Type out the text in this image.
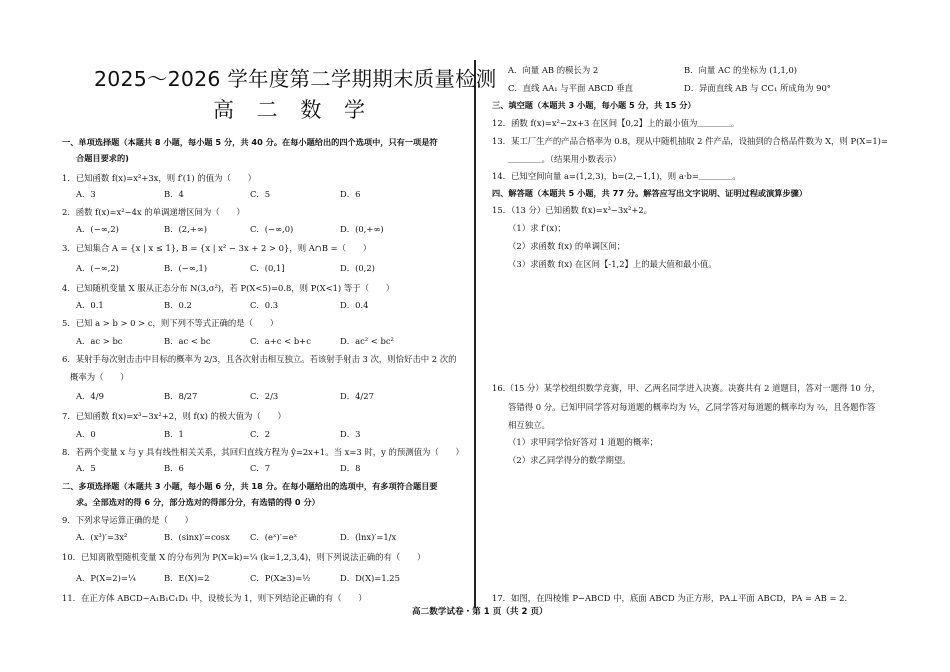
2025～2026 学年度第二学期期末质量检测
高 二 数 学
一、单项选择题（本题共 8 小题，每小题 5 分，共 40 分。在每小题给出的四个选项中，只有一项是符
合题目要求的)
1．已知函数 f(x)=x²+3x，则 f′(1) 的值为（　　）
A．3	B．4	C．5	D．6
2．函数 f(x)=x²−4x 的单调递增区间为（　　）
A．(−∞,2)	B．(2,+∞)	C．(−∞,0)	D．(0,+∞)
3．已知集合 A = {x | x ≤ 1}, B = {x | x² − 3x + 2 > 0}，则 A∩B =（　　）
A．(−∞,2)	B．(−∞,1)	C．(0,1]	D．(0,2)
4．已知随机变量 X 服从正态分布 N(3,σ²)，若 P(X<5)=0.8，则 P(X<1) 等于（　　）
A．0.1	B．0.2	C．0.3	D．0.4
5．已知 a > b > 0 > c，则下列不等式正确的是（　　）
A．ac > bc	B．ac < bc	C．a+c < b+c	D．ac² < bc²
6．某射手每次射击击中目标的概率为 2/3，且各次射击相互独立。若该射手射击 3 次，则恰好击中 2 次的
概率为（　　）
A．4/9	B．8/27	C．2/3	D．4/27
7．已知函数 f(x)=x³−3x²+2，则 f(x) 的极大值为（　　）
A．0	B．1	C．2	D．3
8．若两个变量 x 与 y 具有线性相关关系，其回归直线方程为 ŷ=2x+1。当 x=3 时，y 的预测值为（　　）
A．5	B．6	C．7	D．8
二、多项选择题（本题共 3 小题，每小题 6 分，共 18 分。在每小题给出的选项中，有多项符合题目要
求。全部选对的得 6 分，部分选对的得部分分，有选错的得 0 分）
9．下列求导运算正确的是（　　）
A．(x³)′=3x²	B．(sinx)′=cosx C．(eˣ)′=eˣ	D．(lnx)′=1/x
10．已知离散型随机变量 X 的分布列为 P(X=k)=¼ (k=1,2,3,4)，则下列说法正确的有（　　）
A．P(X=2)=¼	B．E(X)=2	C．P(X≥3)=½	D．D(X)=1.25
11．在正方体 ABCD−A₁B₁C₁D₁ 中，设棱长为 1，则下列结论正确的有（　　）
A．向量 AB 的模长为 2	B．向量 AC 的坐标为 (1,1,0)
C．直线 AA₁ 与平面 ABCD 垂直	D．异面直线 AB 与 CC₁ 所成角为 90°
三、填空题（本题共 3 小题，每小题 5 分，共 15 分）
12．函数 f(x)=x²−2x+3 在区间【0,2】上的最小值为＿＿＿＿。
13．某工厂生产的产品合格率为 0.8，现从中随机抽取 2 件产品，设抽到的合格品件数为 X，则 P(X=1)=
＿＿＿＿。（结果用小数表示）
14．已知空间向量 a=(1,2,3)，b=(2,−1,1)，则 a·b=＿＿＿＿。
四、解答题（本题共 5 小题，共 77 分。解答应写出文字说明、证明过程或演算步骤）
15．（13 分）已知函数 f(x)=x³−3x²+2。
（1）求 f′(x)；
（2）求函数 f(x) 的单调区间；
（3）求函数 f(x) 在区间【-1,2】上的最大值和最小值。
16.（15 分）某学校组织数学竞赛，甲、乙两名同学进入决赛。决赛共有 2 道题目，答对一题得 10 分，
答错得 0 分。已知甲同学答对每道题的概率均为 ½，乙同学答对每道题的概率均为 ⅔，且各题作答
相互独立。
（1）求甲同学恰好答对 1 道题的概率；
（2）求乙同学得分的数学期望。
17．如图，在四棱锥 P−ABCD 中，底面 ABCD 为正方形，PA⊥平面 ABCD，PA = AB = 2.
高二数学试卷・第 1 页（共 2 页）
